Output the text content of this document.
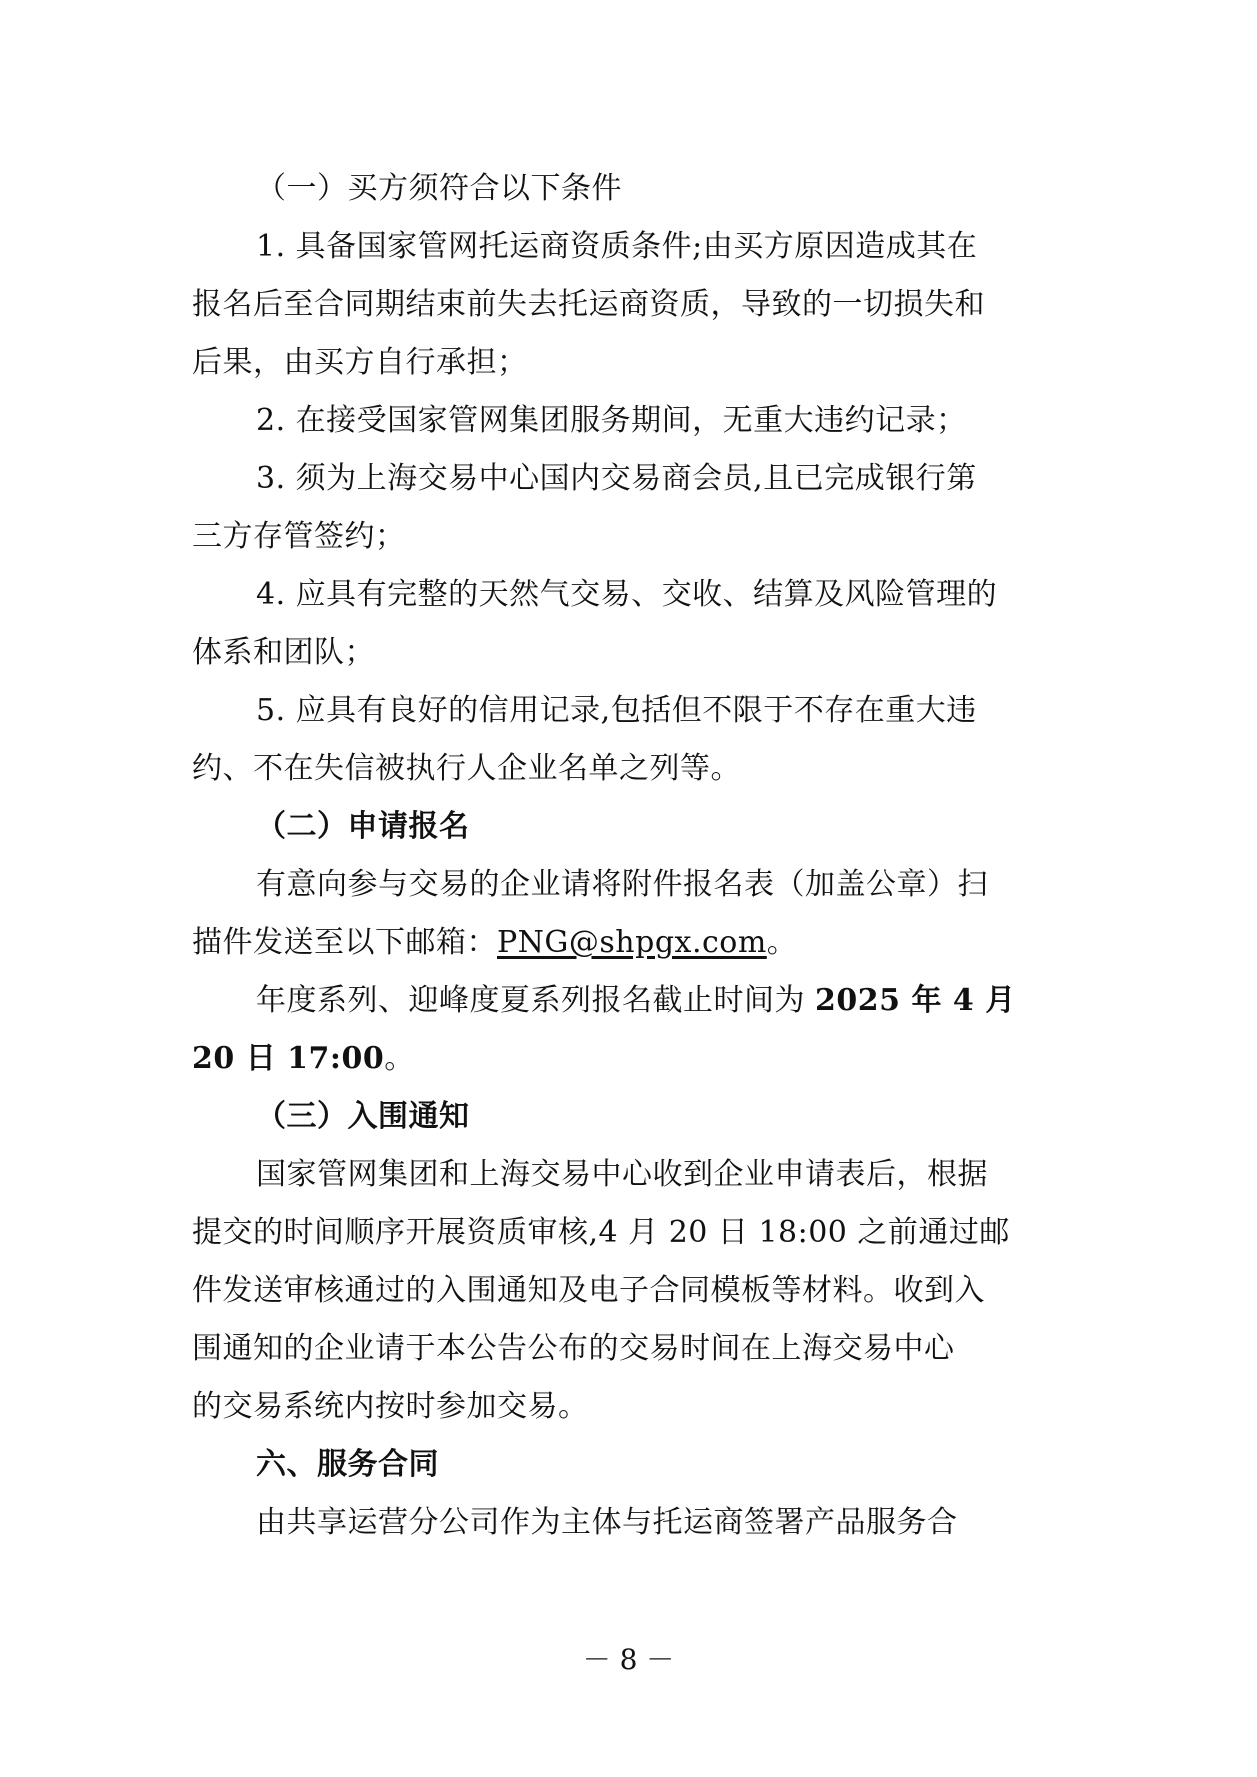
（一）买方须符合以下条件
1. 具备国家管网托运商资质条件;由买方原因造成其在
报名后至合同期结束前失去托运商资质，导致的一切损失和
后果，由买方自行承担；
2. 在接受国家管网集团服务期间，无重大违约记录；
3. 须为上海交易中心国内交易商会员,且已完成银行第
三方存管签约；
4. 应具有完整的天然气交易、交收、结算及风险管理的
体系和团队；
5. 应具有良好的信用记录,包括但不限于不存在重大违
约、不在失信被执行人企业名单之列等。
（二）申请报名
有意向参与交易的企业请将附件报名表（加盖公章）扫
描件发送至以下邮箱：PNG@shpgx.com。
年度系列、迎峰度夏系列报名截止时间为 2025 年 4 月
20 日 17:00。
（三）入围通知
国家管网集团和上海交易中心收到企业申请表后，根据
提交的时间顺序开展资质审核,4 月 20 日 18:00 之前通过邮
件发送审核通过的入围通知及电子合同模板等材料。收到入
围通知的企业请于本公告公布的交易时间在上海交易中心
的交易系统内按时参加交易。
六、服务合同
由共享运营分公司作为主体与托运商签署产品服务合
－ 8 －
